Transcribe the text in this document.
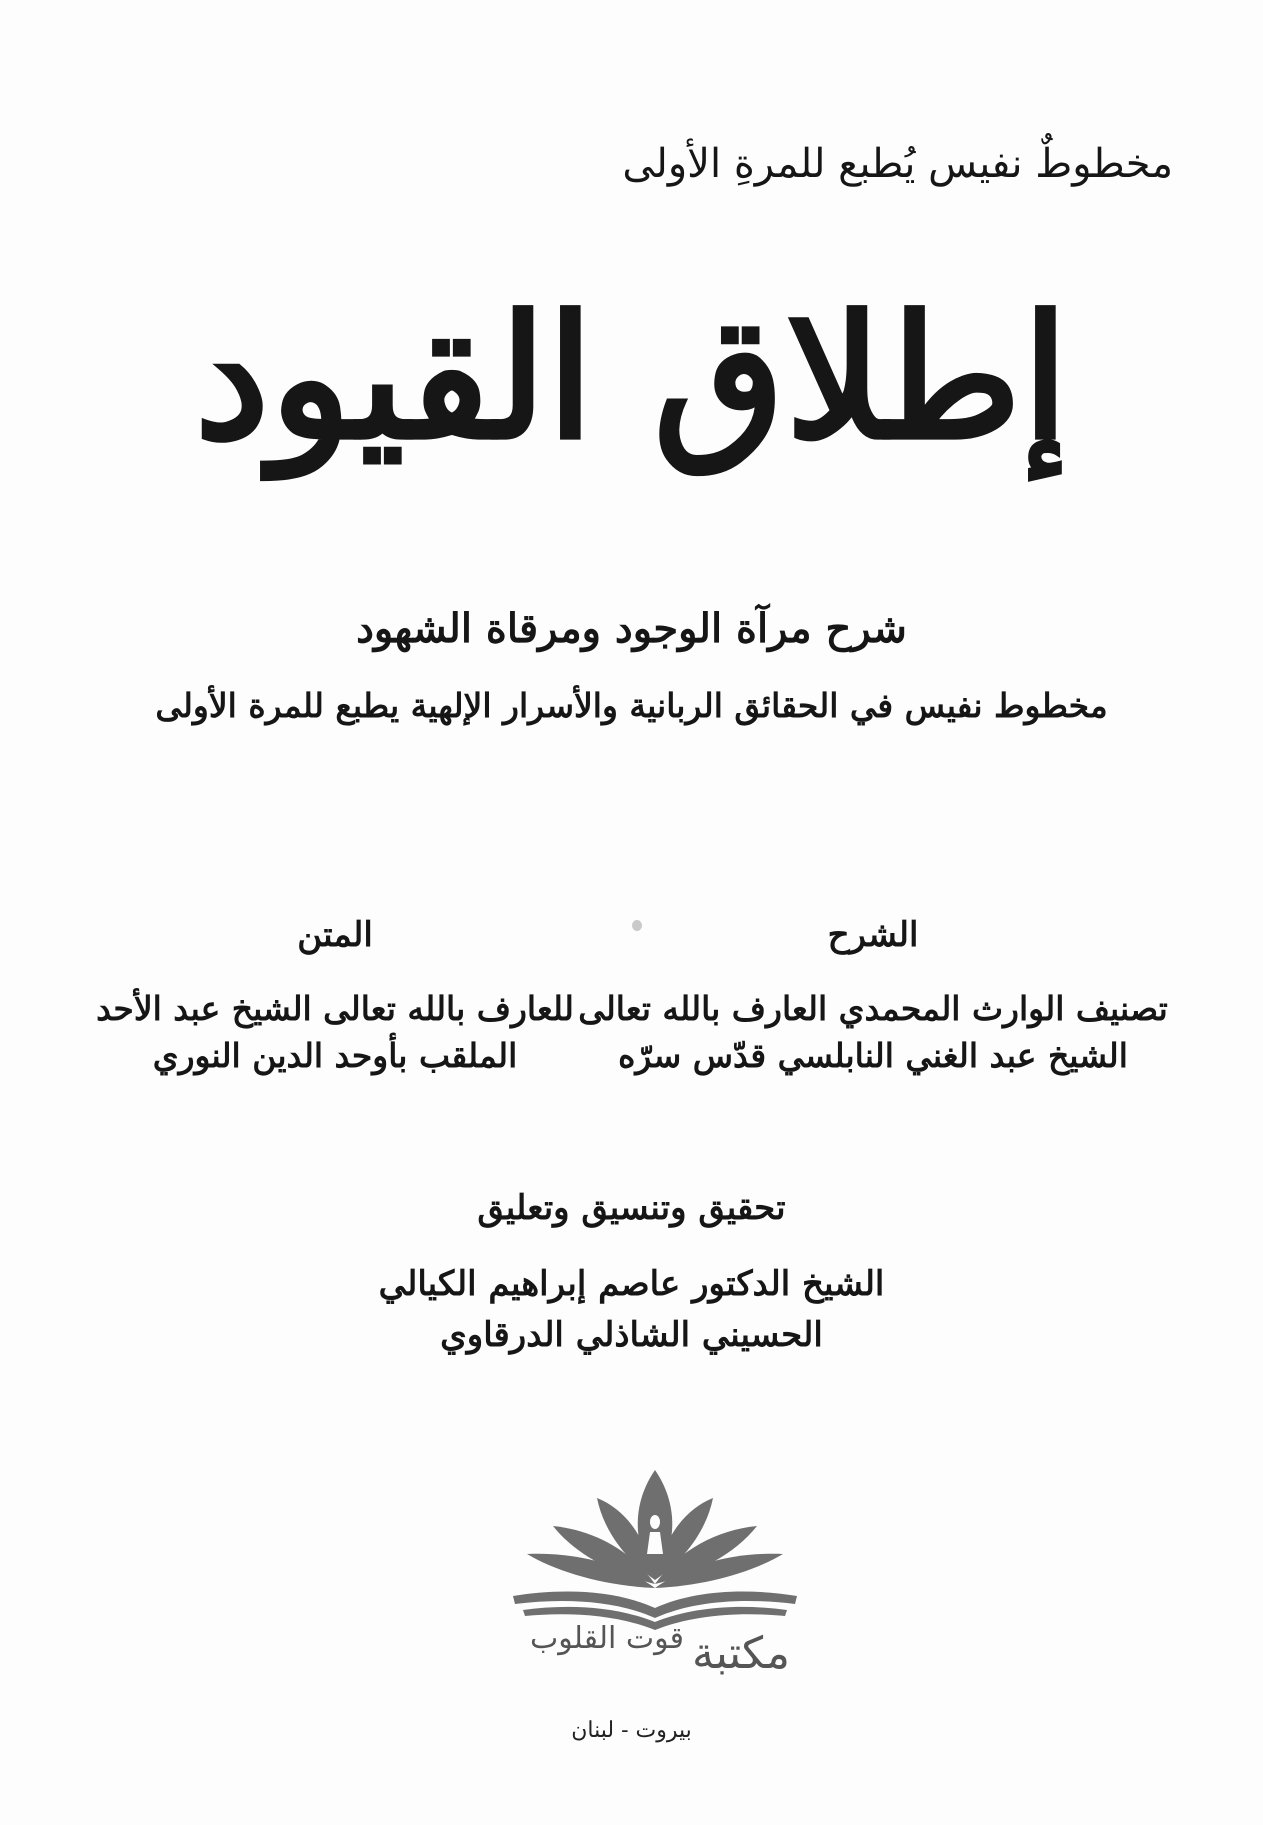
مخطوطٌ نفيس يُطبع للمرةِ الأولى
إطلاق القيود
شرح مرآة الوجود ومرقاة الشهود
مخطوط نفيس في الحقائق الربانية والأسرار الإلهية يطبع للمرة الأولى
الشرح
تصنيف الوارث المحمدي العارف بالله تعالى
الشيخ عبد الغني النابلسي قدّس سرّه
المتن
للعارف بالله تعالى الشيخ عبد الأحد
الملقب بأوحد الدين النوري
تحقيق وتنسيق وتعليق
الشيخ الدكتور عاصم إبراهيم الكيالي
الحسيني الشاذلي الدرقاوي
مكتبة
قوت القلوب
بيروت - لبنان
